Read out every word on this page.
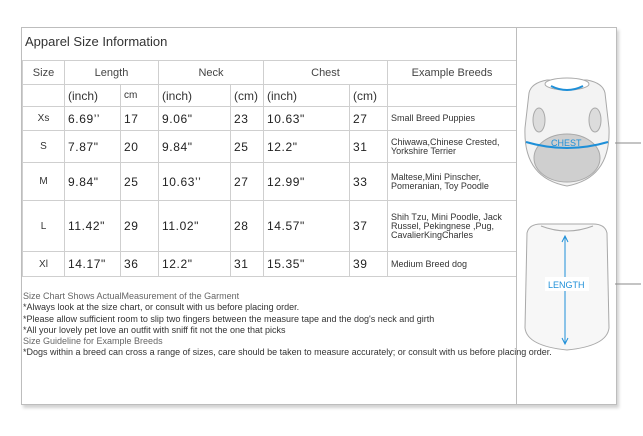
Apparel Size Information
Size	Length		Neck		Chest		Example Breeds
	(inch)	cm	(inch)	(cm)	(inch)	(cm)	
Xs	6.69’’	17	9.06"	23	10.63"	27	Small Breed Puppies
S	7.87"	20	9.84"	25	12.2"	31	Chiwawa,Chinese Crested, Yorkshire Terrier
M	9.84"	25	10.63’’	27	12.99"	33	Maltese,Mini Pinscher, Pomeranian, Toy Poodle
L	11.42"	29	11.02"	28	14.57"	37	Shih Tzu, Mini Poodle, Jack Russel, Pekingnese ,Pug, CavalierKingCharles
Xl	14.17"	36	12.2"	31	15.35"	39	Medium Breed dog
Size Chart Shows ActualMeasurement of the Garment
*Always look at the size chart, or consult with us before placing order.
*Please allow sufficient room to slip two fingers between the measure tape and the dog's neck and girth
*All your lovely pet love an outfit with sniff fit not the one that picks
Size Guideline for Example Breeds
*Dogs within a breed can cross a range of sizes, care should be taken to measure accurately; or consult with us before placing order.
CHEST
LENGTH
